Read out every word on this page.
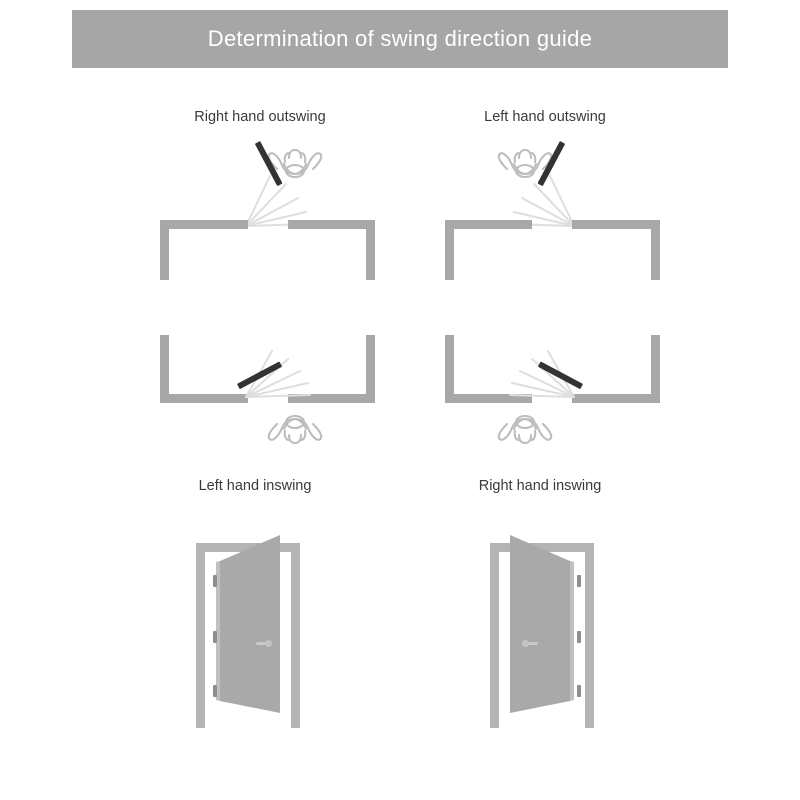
Determination of swing direction guide
Right hand outswing	Left hand outswing
Left hand inswing	Right hand inswing
